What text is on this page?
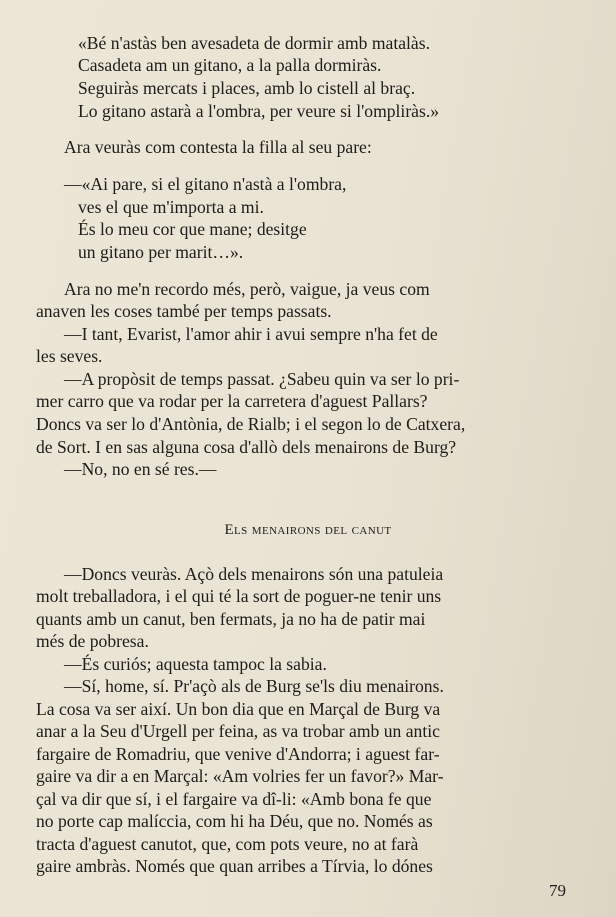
«Bé n'astàs ben avesadeta de dormir amb matalàs.
Casadeta am un gitano, a la palla dormiràs.
Seguiràs mercats i places, amb lo cistell al braç.
Lo gitano astarà a l'ombra, per veure si l'ompliràs.»
Ara veuràs com contesta la filla al seu pare:
—«Ai pare, si el gitano n'astà a l'ombra,
ves el que m'importa a mi.
És lo meu cor que mane; desitge
un gitano per marit…».
Ara no me'n recordo més, però, vaigue, ja veus com
anaven les coses també per temps passats.
—I tant, Evarist, l'amor ahir i avui sempre n'ha fet de
les seves.
—A propòsit de temps passat. ¿Sabeu quin va ser lo pri-
mer carro que va rodar per la carretera d'aguest Pallars?
Doncs va ser lo d'Antònia, de Rialb; i el segon lo de Catxera,
de Sort. I en sas alguna cosa d'allò dels menairons de Burg?
—No, no en sé res.—
Els menairons del canut
—Doncs veuràs. Açò dels menairons són una patuleia
molt treballadora, i el qui té la sort de poguer-ne tenir uns
quants amb un canut, ben fermats, ja no ha de patir mai
més de pobresa.
—És curiós; aquesta tampoc la sabia.
—Sí, home, sí. Pr'açò als de Burg se'ls diu menairons.
La cosa va ser així. Un bon dia que en Marçal de Burg va
anar a la Seu d'Urgell per feina, as va trobar amb un antic
fargaire de Romadriu, que venive d'Andorra; i aguest far-
gaire va dir a en Marçal: «Am volries fer un favor?» Mar-
çal va dir que sí, i el fargaire va dî-li: «Amb bona fe que
no porte cap malíccia, com hi ha Déu, que no. Només as
tracta d'aguest canutot, que, com pots veure, no at farà
gaire ambràs. Només que quan arribes a Tírvia, lo dónes
79
